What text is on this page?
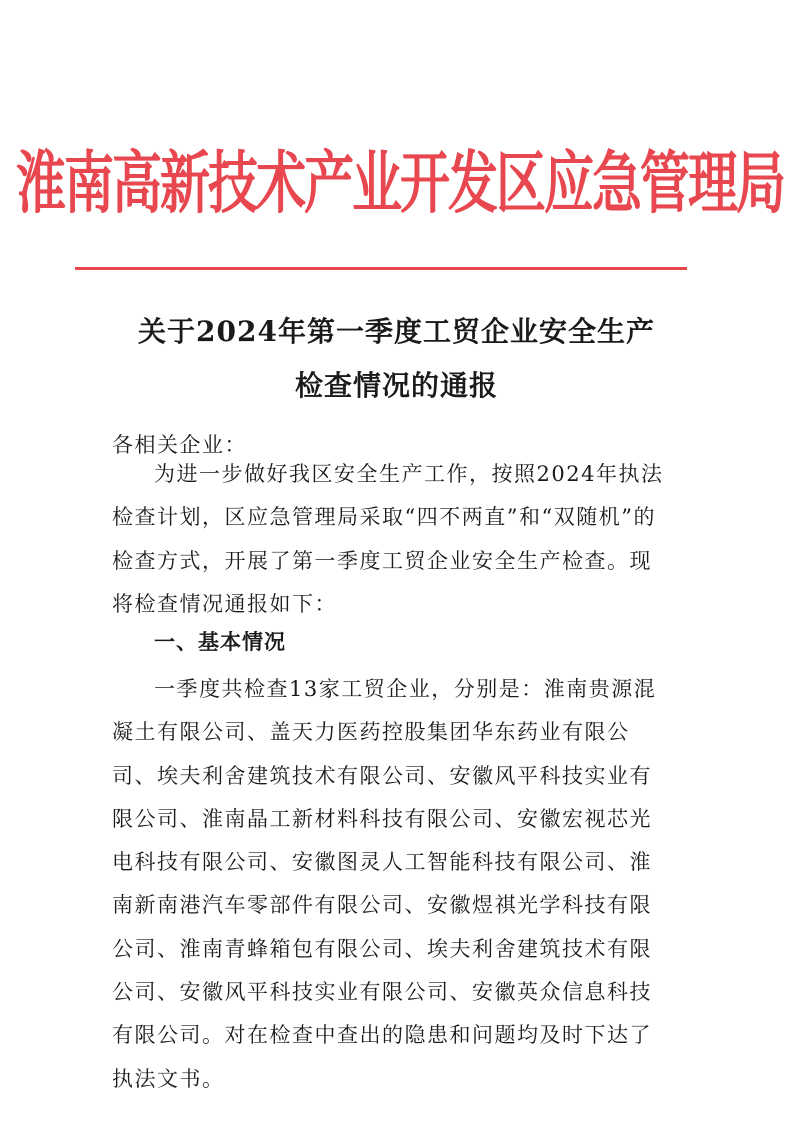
淮南高新技术产业开发区应急管理局
关于2024年第一季度工贸企业安全生产
检查情况的通报
各相关企业：
为进一步做好我区安全生产工作，按照2024年执法检查计划，区应急管理局采取“四不两直”和“双随机”的检查方式，开展了第一季度工贸企业安全生产检查。现将检查情况通报如下：
一、基本情况
一季度共检查13家工贸企业，分别是：淮南贵源混凝土有限公司、盖天力医药控股集团华东药业有限公司、埃夫利舍建筑技术有限公司、安徽风平科技实业有限公司、淮南晶工新材料科技有限公司、安徽宏视芯光电科技有限公司、安徽图灵人工智能科技有限公司、淮南新南港汽车零部件有限公司、安徽煜祺光学科技有限公司、淮南青蜂箱包有限公司、埃夫利舍建筑技术有限公司、安徽风平科技实业有限公司、安徽英众信息科技有限公司。对在检查中查出的隐患和问题均及时下达了执法文书。
